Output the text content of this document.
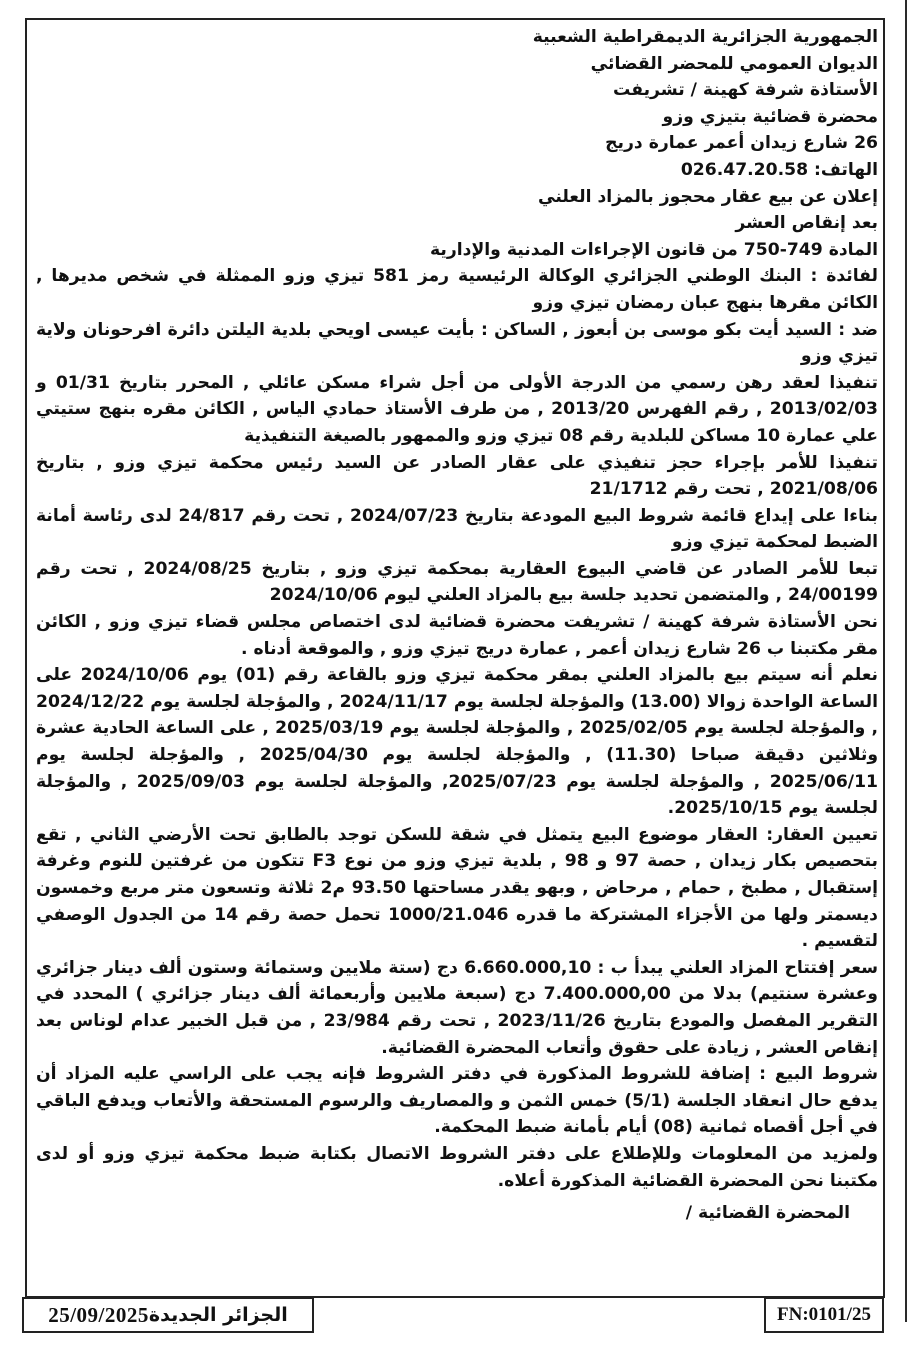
الجمهورية الجزائرية الديمقراطية الشعبية

الديوان العمومي للمحضر القضائي

الأستاذة شرفة كهينة / تشريفت

محضرة قضائية بتيزي وزو

26 شارع زيدان أعمر عمارة دريج

الهاتف: 026.47.20.58

إعلان عن بيع عقار محجوز بالمزاد العلني

بعد إنقاص العشر

المادة 749-750 من قانون الإجراءات المدنية والإدارية

لفائدة : البنك الوطني الجزائري الوكالة الرئيسية رمز 581 تيزي وزو الممثلة في شخص مديرها , الكائن مقرها بنهج عبان رمضان تيزي وزو

ضد : السيد أيت بكو موسى بن أبعوز , الساكن : بأيت عيسى اويحي بلدية اليلتن دائرة افرحونان ولاية تيزي وزو

تنفيذا لعقد رهن رسمي من الدرجة الأولى من أجل شراء مسكن عائلي , المحرر بتاريخ 01/31 و 2013/02/03 , رقم الفهرس 2013/20 , من طرف الأستاذ حمادي الياس , الكائن مقره بنهج ستيتي علي عمارة 10 مساكن للبلدية رقم 08 تيزي وزو والممهور بالصيغة التنفيذية

تنفيذا للأمر بإجراء حجز تنفيذي على عقار الصادر عن السيد رئيس محكمة تيزي وزو , بتاريخ 2021/08/06 , تحت رقم 21/1712

بناءا على إيداع قائمة شروط البيع المودعة بتاريخ 2024/07/23 , تحت رقم 24/817 لدى رئاسة أمانة الضبط لمحكمة تيزي وزو

تبعا للأمر الصادر عن قاضي البيوع العقارية بمحكمة تيزي وزو , بتاريخ 2024/08/25 , تحت رقم 24/00199 , والمتضمن تحديد جلسة بيع بالمزاد العلني ليوم 2024/10/06

نحن الأستاذة شرفة كهينة / تشريفت محضرة قضائية لدى اختصاص مجلس قضاء تيزي وزو , الكائن مقر مكتبنا ب 26 شارع زيدان أعمر , عمارة دريج تيزي وزو , والموقعة أدناه .

نعلم أنه سيتم بيع بالمزاد العلني بمقر محكمة تيزي وزو بالقاعة رقم (01) يوم 2024/10/06 على الساعة الواحدة زوالا (13.00) والمؤجلة لجلسة يوم 2024/11/17 , والمؤجلة لجلسة يوم 2024/12/22 , والمؤجلة لجلسة يوم 2025/02/05 , والمؤجلة لجلسة يوم 2025/03/19 , على الساعة الحادية عشرة وثلاثين دقيقة صباحا (11.30) , والمؤجلة لجلسة يوم 2025/04/30 , والمؤجلة لجلسة يوم 2025/06/11 , والمؤجلة لجلسة يوم 2025/07/23, والمؤجلة لجلسة يوم 2025/09/03 , والمؤجلة لجلسة يوم 2025/10/15.

تعيين العقار: العقار موضوع البيع يتمثل في شقة للسكن توجد بالطابق تحت الأرضي الثاني , تقع بتحصيص بكار زيدان , حصة 97 و 98 , بلدية تيزي وزو من نوع F3 تتكون من غرفتين للنوم وغرفة إستقبال , مطبخ , حمام , مرحاض , وبهو يقدر مساحتها 93.50 م2 ثلاثة وتسعون متر مربع وخمسون ديسمتر ولها من الأجزاء المشتركة ما قدره 1000/21.046 تحمل حصة رقم 14 من الجدول الوصفي لتقسيم .

سعر إفتتاح المزاد العلني يبدأ ب : 6.660.000,10 دج (ستة ملايين وستمائة وستون ألف دينار جزائري وعشرة سنتيم) بدلا من 7.400.000,00 دج (سبعة ملايين وأربعمائة ألف دينار جزائري ) المحدد في التقرير المفصل والمودع بتاريخ 2023/11/26 , تحت رقم 23/984 , من قبل الخبير عدام لوناس بعد إنقاص العشر , زيادة على حقوق وأتعاب المحضرة القضائية.

شروط البيع : إضافة للشروط المذكورة في دفتر الشروط فإنه يجب على الراسي عليه المزاد أن يدفع حال انعقاد الجلسة (5/1) خمس الثمن و والمصاريف والرسوم المستحقة والأتعاب ويدفع الباقي في أجل أقصاه ثمانية (08) أيام بأمانة ضبط المحكمة.

ولمزيد من المعلومات وللإطلاع على دفتر الشروط الاتصال بكتابة ضبط محكمة تيزي وزو أو لدى مكتبنا نحن المحضرة القضائية المذكورة أعلاه.

المحضرة القضائية /

الجزائر الجديدة
25/09/2025	FN:0101/25
